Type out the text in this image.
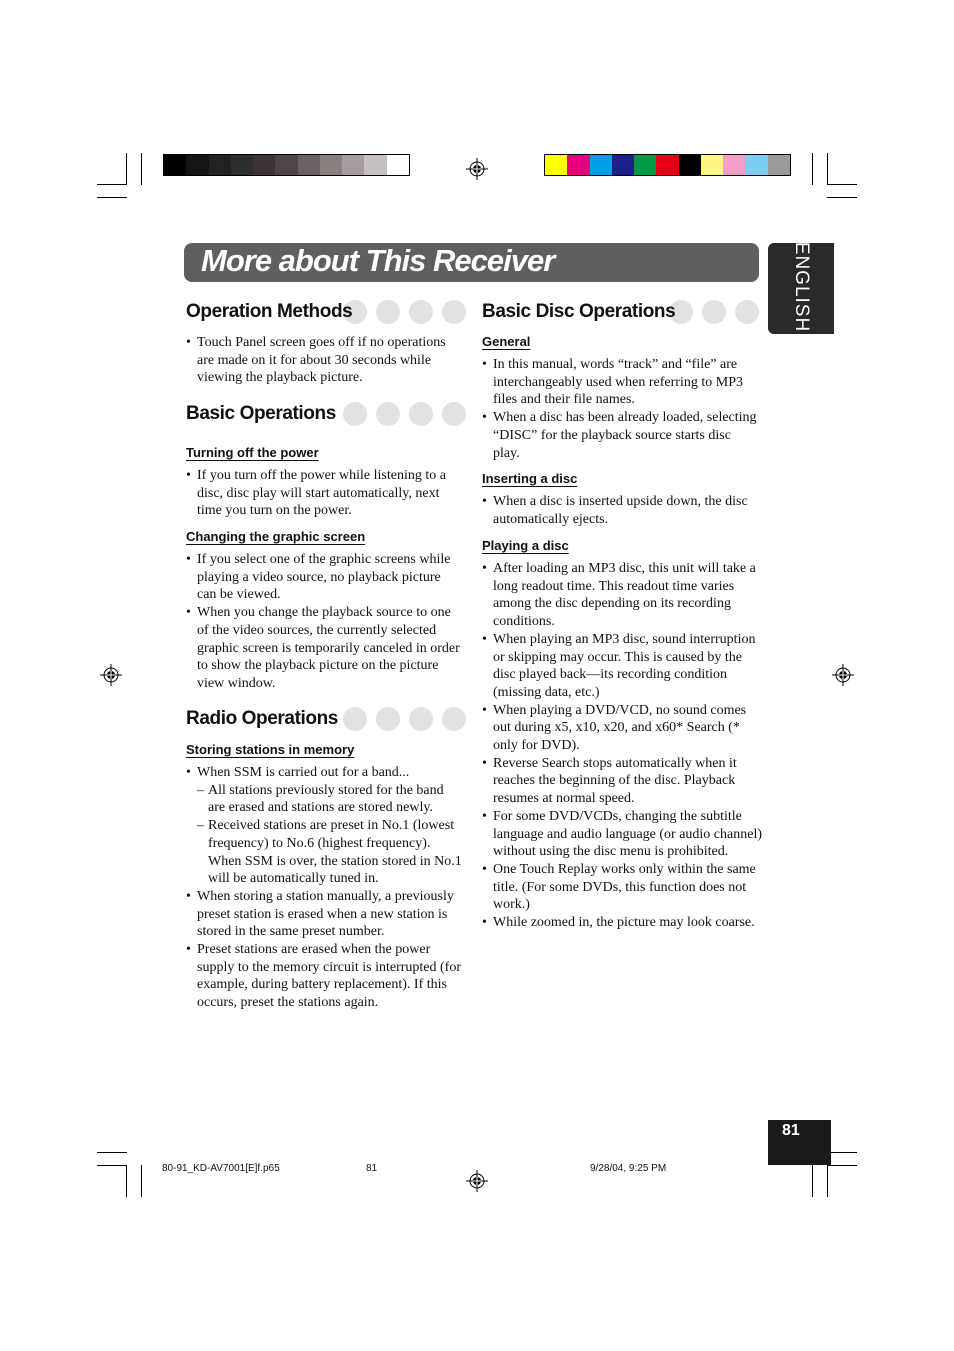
More about This Receiver	ENGLISH
Operation Methods
• Touch Panel screen goes off if no operations are made on it for about 30 seconds while viewing the playback picture.
Basic Operations
Turning off the power
• If you turn off the power while listening to a disc, disc play will start automatically, next time you turn on the power.
Changing the graphic screen
• If you select one of the graphic screens while playing a video source, no playback picture can be viewed.
• When you change the playback source to one of the video sources, the currently selected graphic screen is temporarily canceled in order to show the playback picture on the picture view window.
Radio Operations
Storing stations in memory
• When SSM is carried out for a band...
– All stations previously stored for the band are erased and stations are stored newly.
– Received stations are preset in No.1 (lowest frequency) to No.6 (highest frequency). When SSM is over, the station stored in No.1 will be automatically tuned in.
• When storing a station manually, a previously preset station is erased when a new station is stored in the same preset number.
• Preset stations are erased when the power supply to the memory circuit is interrupted (for example, during battery replacement). If this occurs, preset the stations again.
Basic Disc Operations
General
• In this manual, words “track” and “file” are interchangeably used when referring to MP3 files and their file names.
• When a disc has been already loaded, selecting “DISC” for the playback source starts disc play.
Inserting a disc
• When a disc is inserted upside down, the disc automatically ejects.
Playing a disc
• After loading an MP3 disc, this unit will take a long readout time. This readout time varies among the disc depending on its recording conditions.
• When playing an MP3 disc, sound interruption or skipping may occur. This is caused by the disc played back—its recording condition (missing data, etc.)
• When playing a DVD/VCD, no sound comes out during x5, x10, x20, and x60* Search (* only for DVD).
• Reverse Search stops automatically when it reaches the beginning of the disc. Playback resumes at normal speed.
• For some DVD/VCDs, changing the subtitle language and audio language (or audio channel) without using the disc menu is prohibited.
• One Touch Replay works only within the same title. (For some DVDs, this function does not work.)
• While zoomed in, the picture may look coarse.
81
80-91_KD-AV7001[E]f.p65	81	9/28/04, 9:25 PM
